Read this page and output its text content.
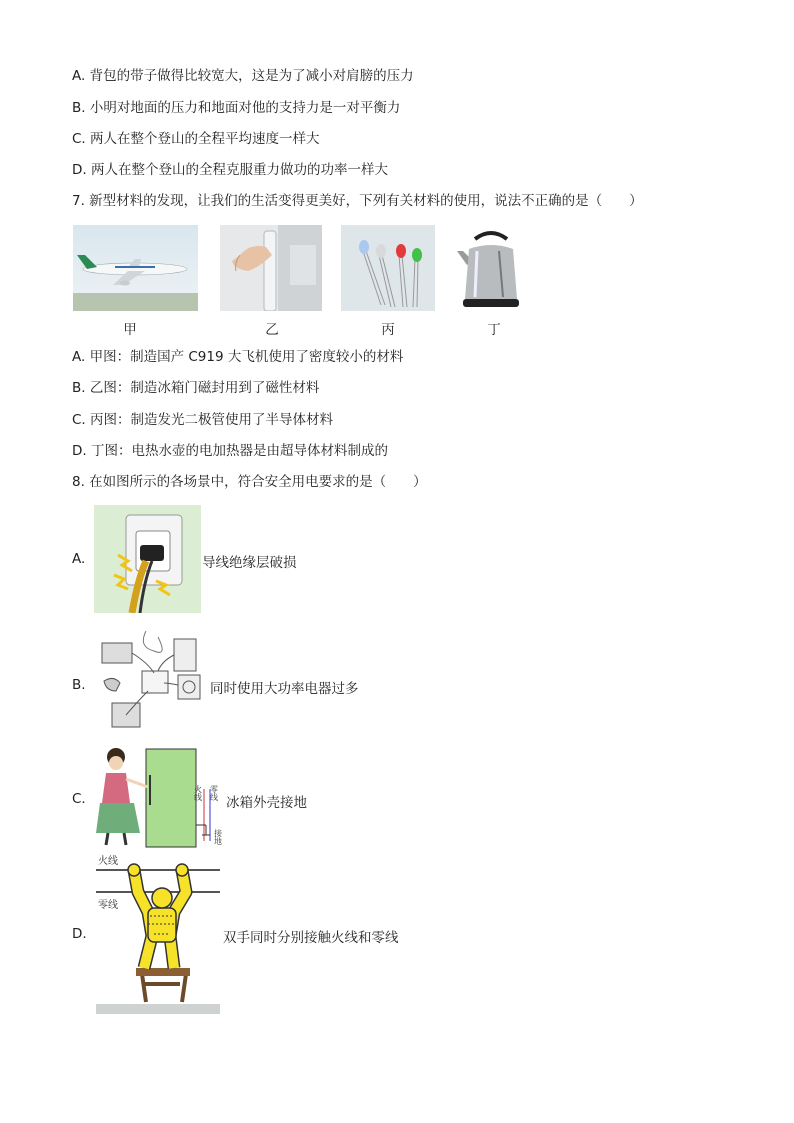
A. 背包的带子做得比较宽大，这是为了减小对肩膀的压力
B. 小明对地面的压力和地面对他的支持力是一对平衡力
C. 两人在整个登山的全程平均速度一样大
D. 两人在整个登山的全程克服重力做功的功率一样大
7. 新型材料的发现，让我们的生活变得更美好，下列有关材料的使用，说法不正确的是（　　）
甲	乙	丙	丁
A. 甲图：制造国产 C919 大飞机使用了密度较小的材料
B. 乙图：制造冰箱门磁封用到了磁性材料
C. 丙图：制造发光二极管使用了半导体材料
D. 丁图：电热水壶的电加热器是由超导体材料制成的
8. 在如图所示的各场景中，符合安全用电要求的是（　　）
A.	导线绝缘层破损
B.	同时使用大功率电器过多
C.	火线 零线
接地
冰箱外壳接地
D.
火线
零线
双手同时分别接触火线和零线
